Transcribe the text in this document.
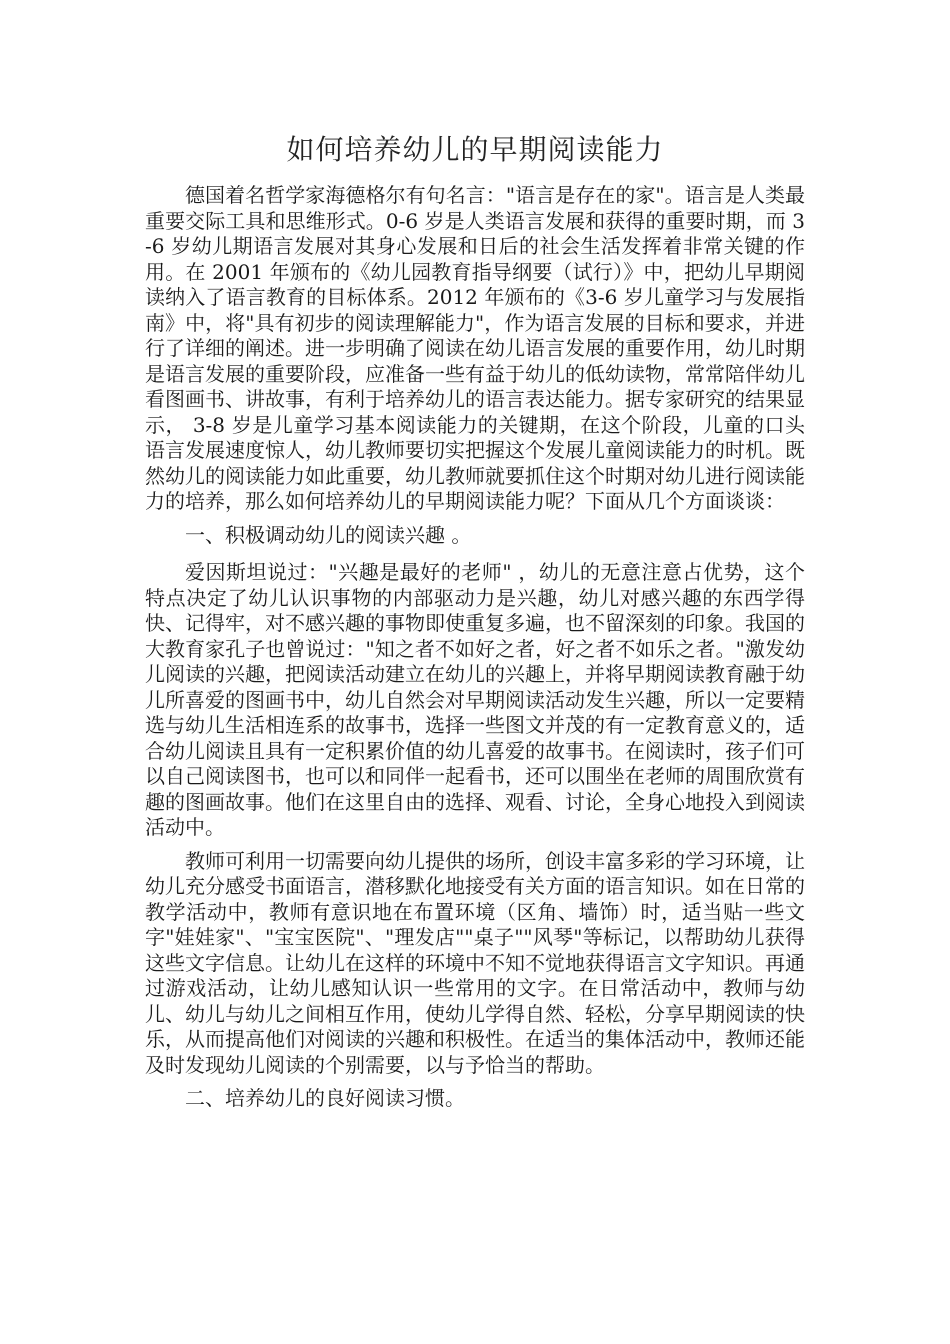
如何培养幼儿的早期阅读能力

德国着名哲学家海德格尔有句名言："语言是存在的家"。语言是人类最重要交际工具和思维形式。0-6 岁是人类语言发展和获得的重要时期，而 3-6 岁幼儿期语言发展对其身心发展和日后的社会生活发挥着非常关键的作用。在 2001 年颁布的《幼儿园教育指导纲要（试行）》中，把幼儿早期阅读纳入了语言教育的目标体系。2012 年颁布的《3-6 岁儿童学习与发展指南》中，将"具有初步的阅读理解能力"，作为语言发展的目标和要求，并进行了详细的阐述。进一步明确了阅读在幼儿语言发展的重要作用，幼儿时期是语言发展的重要阶段，应准备一些有益于幼儿的低幼读物，常常陪伴幼儿看图画书、讲故事，有利于培养幼儿的语言表达能力。据专家研究的结果显示， 3-8 岁是儿童学习基本阅读能力的关键期，在这个阶段，儿童的口头语言发展速度惊人，幼儿教师要切实把握这个发展儿童阅读能力的时机。既然幼儿的阅读能力如此重要，幼儿教师就要抓住这个时期对幼儿进行阅读能力的培养，那么如何培养幼儿的早期阅读能力呢？下面从几个方面谈谈：

一、积极调动幼儿的阅读兴趣 。

爱因斯坦说过："兴趣是最好的老师" ，幼儿的无意注意占优势，这个特点决定了幼儿认识事物的内部驱动力是兴趣，幼儿对感兴趣的东西学得快、记得牢，对不感兴趣的事物即使重复多遍，也不留深刻的印象。我国的大教育家孔子也曾说过："知之者不如好之者，好之者不如乐之者。"激发幼儿阅读的兴趣，把阅读活动建立在幼儿的兴趣上，并将早期阅读教育融于幼儿所喜爱的图画书中，幼儿自然会对早期阅读活动发生兴趣，所以一定要精选与幼儿生活相连系的故事书，选择一些图文并茂的有一定教育意义的，适合幼儿阅读且具有一定积累价值的幼儿喜爱的故事书。在阅读时，孩子们可以自己阅读图书，也可以和同伴一起看书，还可以围坐在老师的周围欣赏有趣的图画故事。他们在这里自由的选择、观看、讨论，全身心地投入到阅读活动中。

教师可利用一切需要向幼儿提供的场所，创设丰富多彩的学习环境，让幼儿充分感受书面语言，潜移默化地接受有关方面的语言知识。如在日常的教学活动中，教师有意识地在布置环境（区角、墙饰）时，适当贴一些文字"娃娃家"、"宝宝医院"、"理发店""桌子""风琴"等标记，以帮助幼儿获得这些文字信息。让幼儿在这样的环境中不知不觉地获得语言文字知识。再通过游戏活动，让幼儿感知认识一些常用的文字。在日常活动中，教师与幼儿、幼儿与幼儿之间相互作用，使幼儿学得自然、轻松，分享早期阅读的快乐，从而提高他们对阅读的兴趣和积极性。在适当的集体活动中，教师还能及时发现幼儿阅读的个别需要，以与予恰当的帮助。

二、培养幼儿的良好阅读习惯。
